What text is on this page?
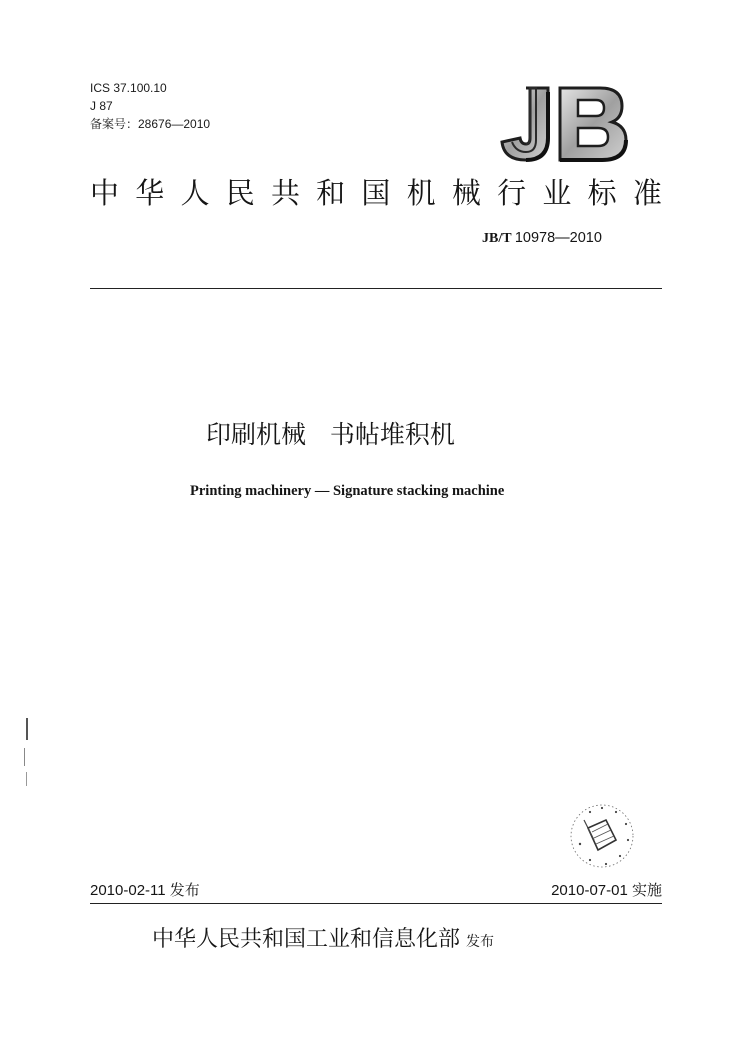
ICS 37.100.10
J 87
备案号：28676—2010
中 华 人 民 共 和 国 机 械 行 业 标 准
JB/T 10978—2010
印刷机械   书帖堆积机
Printing machinery — Signature stacking machine
2010-02-11 发布	2010-07-01 实施
中华人民共和国工业和信息化部 发布
